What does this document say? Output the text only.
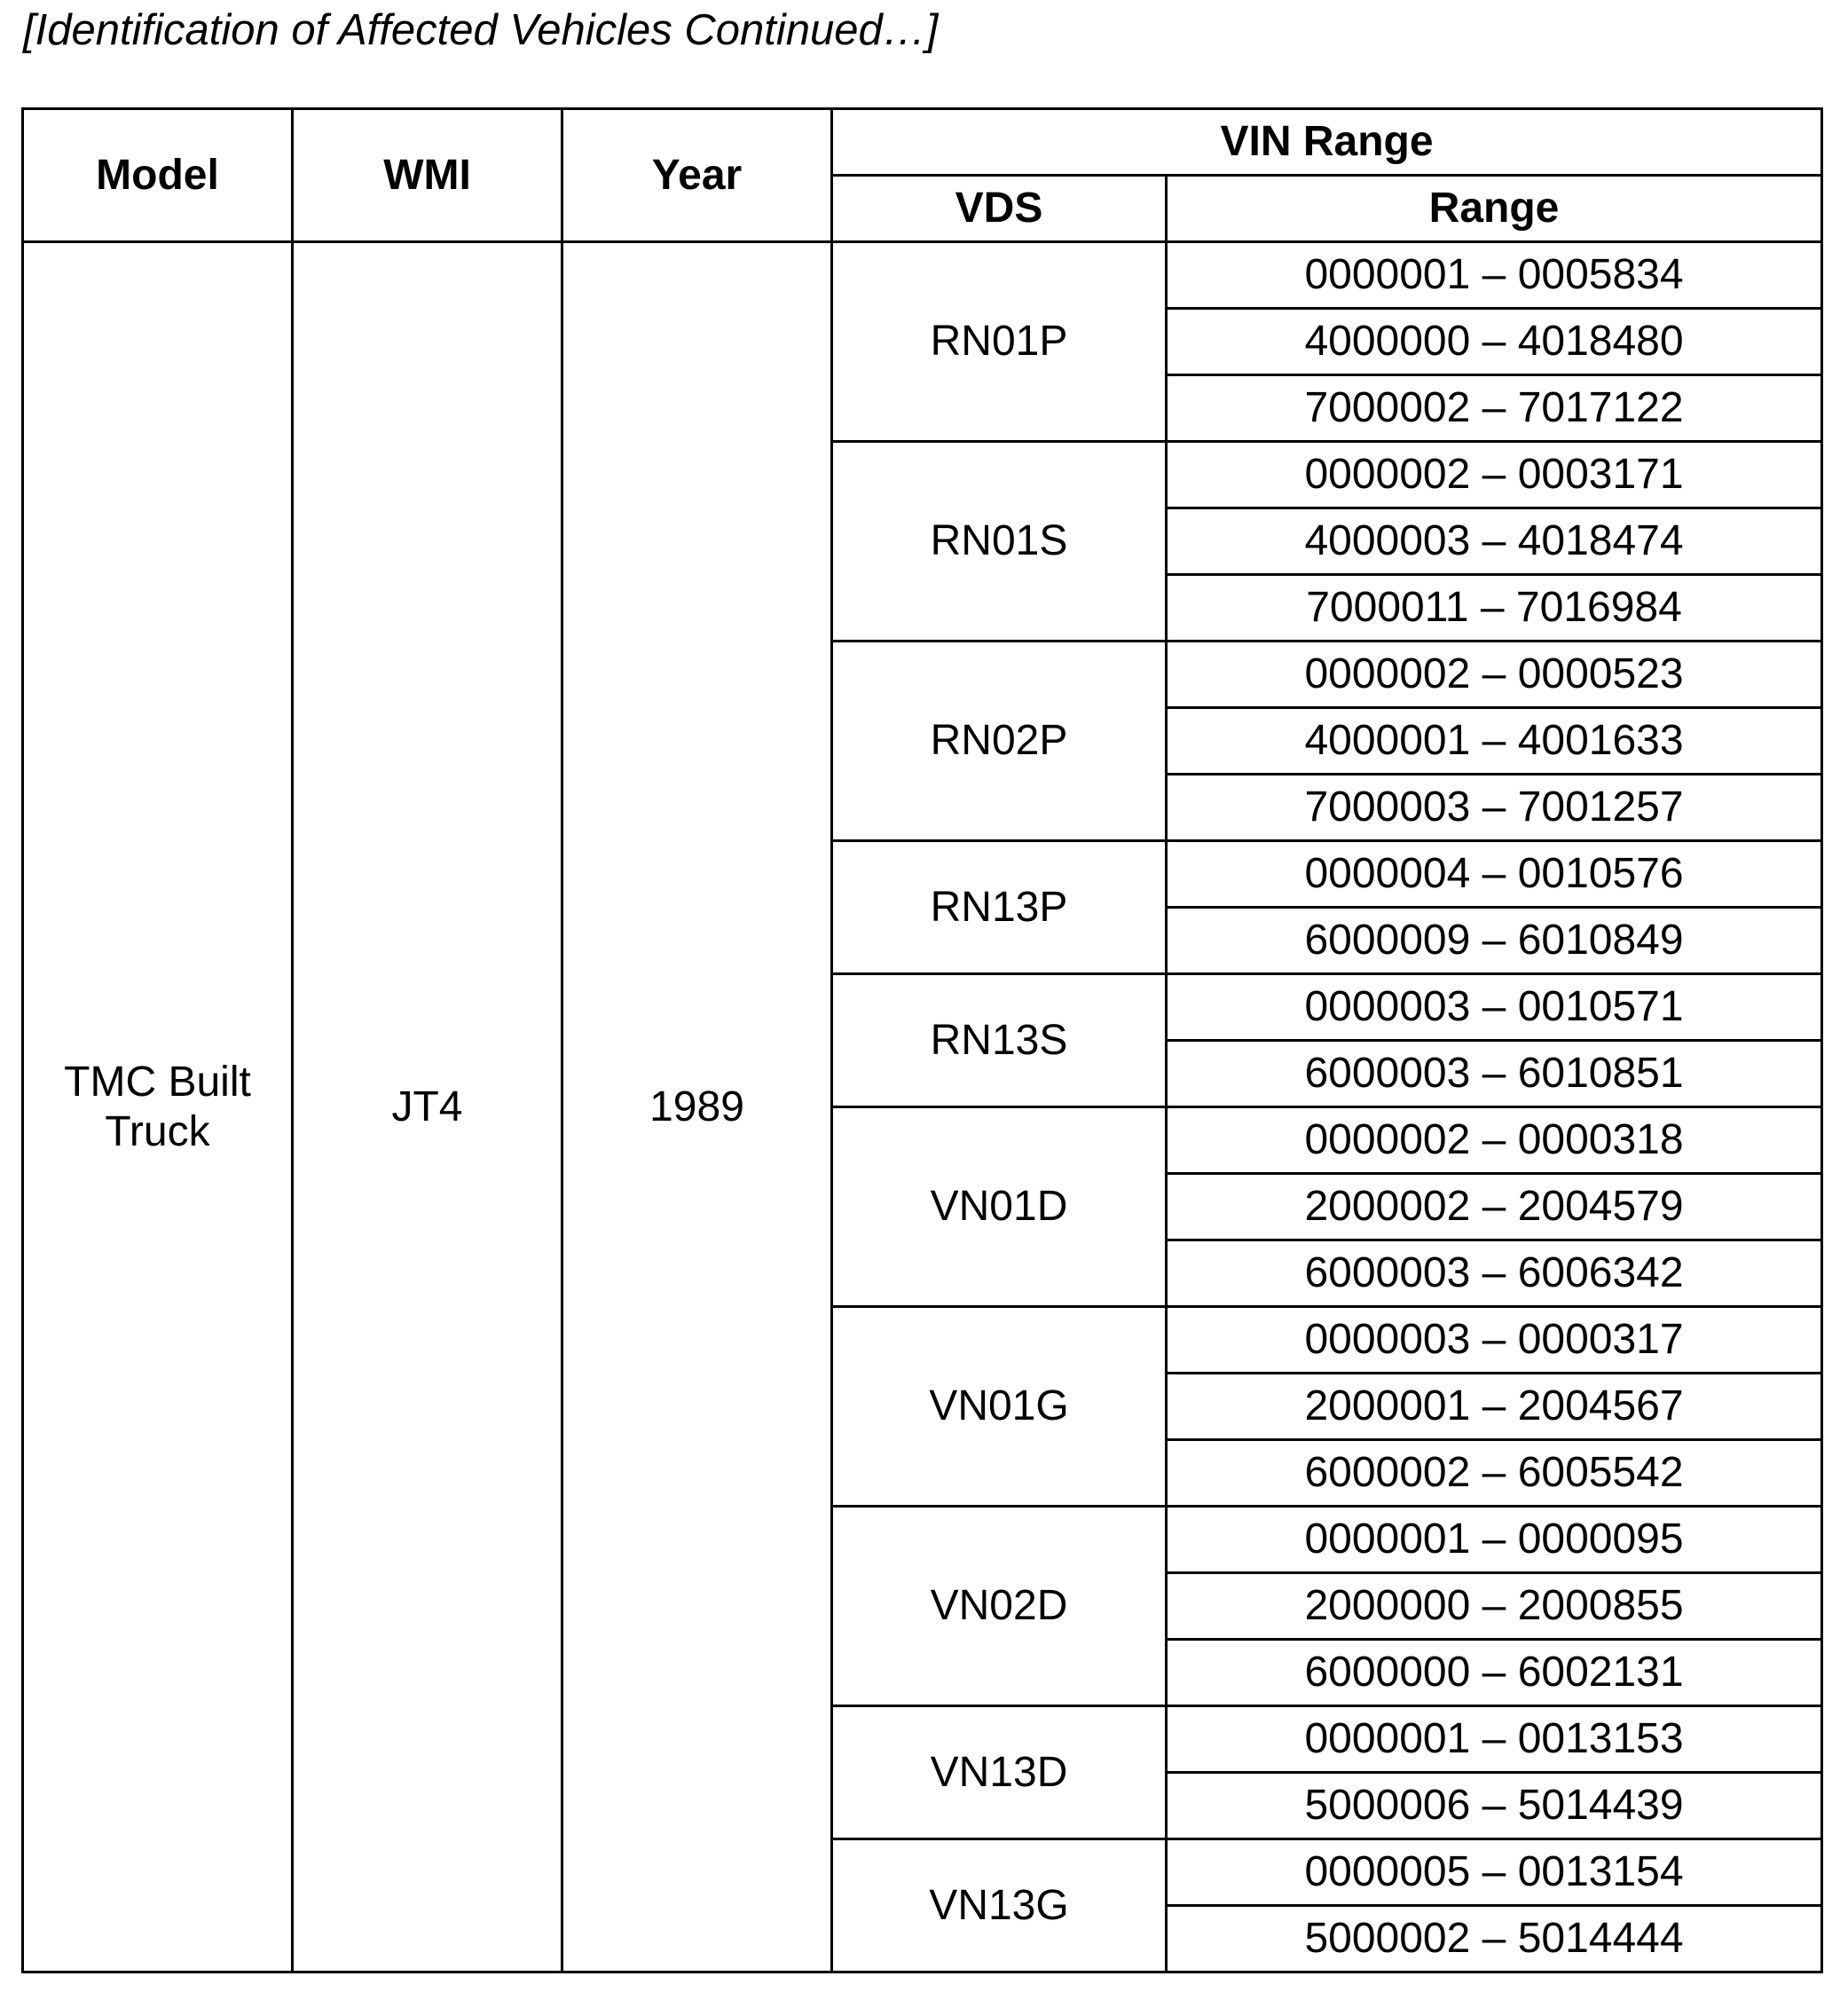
[Identification of Affected Vehicles Continued…]
Model	WMI	Year	VIN Range	
			VDS	Range
TMC Built Truck	JT4	1989	RN01P	0000001 – 0005834
				4000000 – 4018480
				7000002 – 7017122
			RN01S	0000002 – 0003171
				4000003 – 4018474
				7000011 – 7016984
			RN02P	0000002 – 0000523
				4000001 – 4001633
				7000003 – 7001257
			RN13P	0000004 – 0010576
				6000009 – 6010849
			RN13S	0000003 – 0010571
				6000003 – 6010851
			VN01D	0000002 – 0000318
				2000002 – 2004579
				6000003 – 6006342
			VN01G	0000003 – 0000317
				2000001 – 2004567
				6000002 – 6005542
			VN02D	0000001 – 0000095
				2000000 – 2000855
				6000000 – 6002131
			VN13D	0000001 – 0013153
				5000006 – 5014439
			VN13G	0000005 – 0013154
				5000002 – 5014444
